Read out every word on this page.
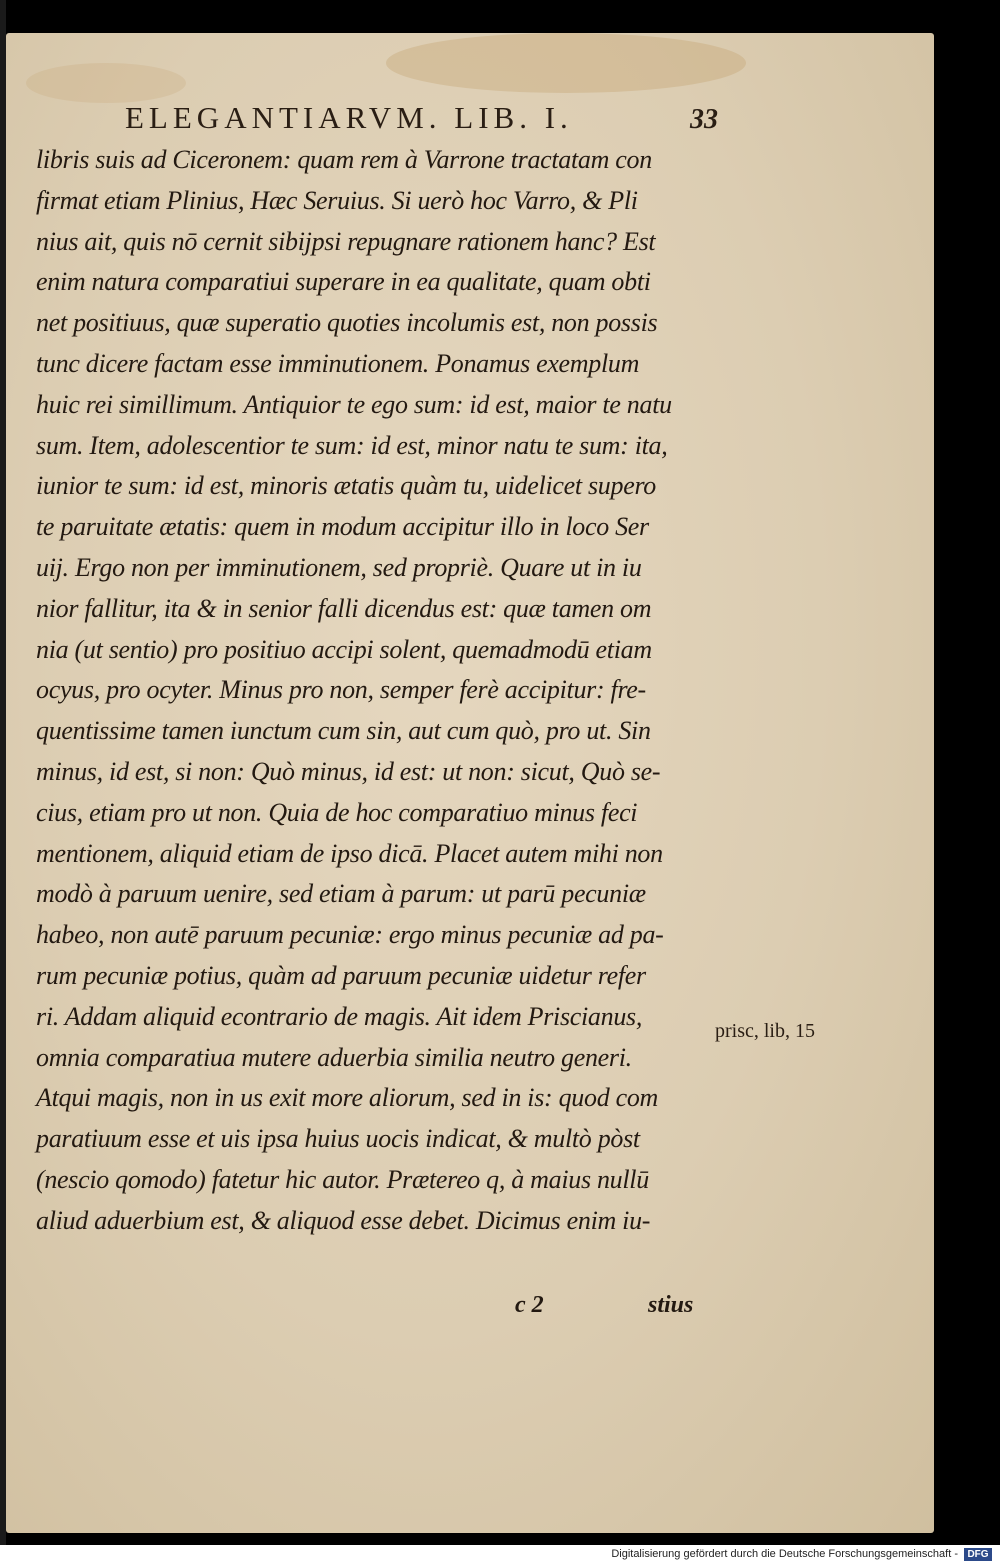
ELEGANTIARVM. LIB. I.	33
libris suis ad Ciceronem: quam rem à Varrone tractatam con
firmat etiam Plinius, Hæc Seruius. Si uerò hoc Varro, & Pli
nius ait, quis nō cernit sibijpsi repugnare rationem hanc? Est
enim natura comparatiui superare in ea qualitate, quam obti
net positiuus, quæ superatio quoties incolumis est, non possis
tunc dicere factam esse imminutionem. Ponamus exemplum
huic rei simillimum. Antiquior te ego sum: id est, maior te natu
sum. Item, adolescentior te sum: id est, minor natu te sum: ita,
iunior te sum: id est, minoris ætatis quàm tu, uidelicet supero
te paruitate ætatis: quem in modum accipitur illo in loco Ser
uij. Ergo non per imminutionem, sed propriè. Quare ut in iu
nior fallitur, ita & in senior falli dicendus est: quæ tamen om
nia (ut sentio) pro positiuo accipi solent, quemadmodū etiam
ocyus, pro ocyter. Minus pro non, semper ferè accipitur: fre-
quentissime tamen iunctum cum sin, aut cum quò, pro ut. Sin
minus, id est, si non: Quò minus, id est: ut non: sicut, Quò se-
cius, etiam pro ut non. Quia de hoc comparatiuo minus feci
mentionem, aliquid etiam de ipso dicā. Placet autem mihi non
modò à paruum uenire, sed etiam à parum: ut parū pecuniæ
habeo, non autē paruum pecuniæ: ergo minus pecuniæ ad pa-
rum pecuniæ potius, quàm ad paruum pecuniæ uidetur refer
ri. Addam aliquid econtrario de magis. Ait idem Priscianus,
omnia comparatiua mutere aduerbia similia neutro generi.
Atqui magis, non in us exit more aliorum, sed in is: quod com
paratiuum esse et uis ipsa huius uocis indicat, & multò pòst
(nescio qomodo) fatetur hic autor. Prætereo q, à maius nullū
aliud aduerbium est, & aliquod esse debet. Dicimus enim iu-
prisc, lib, 15
c 2	stius
Digitalisierung gefördert durch die Deutsche Forschungsgemeinschaft - DFG
